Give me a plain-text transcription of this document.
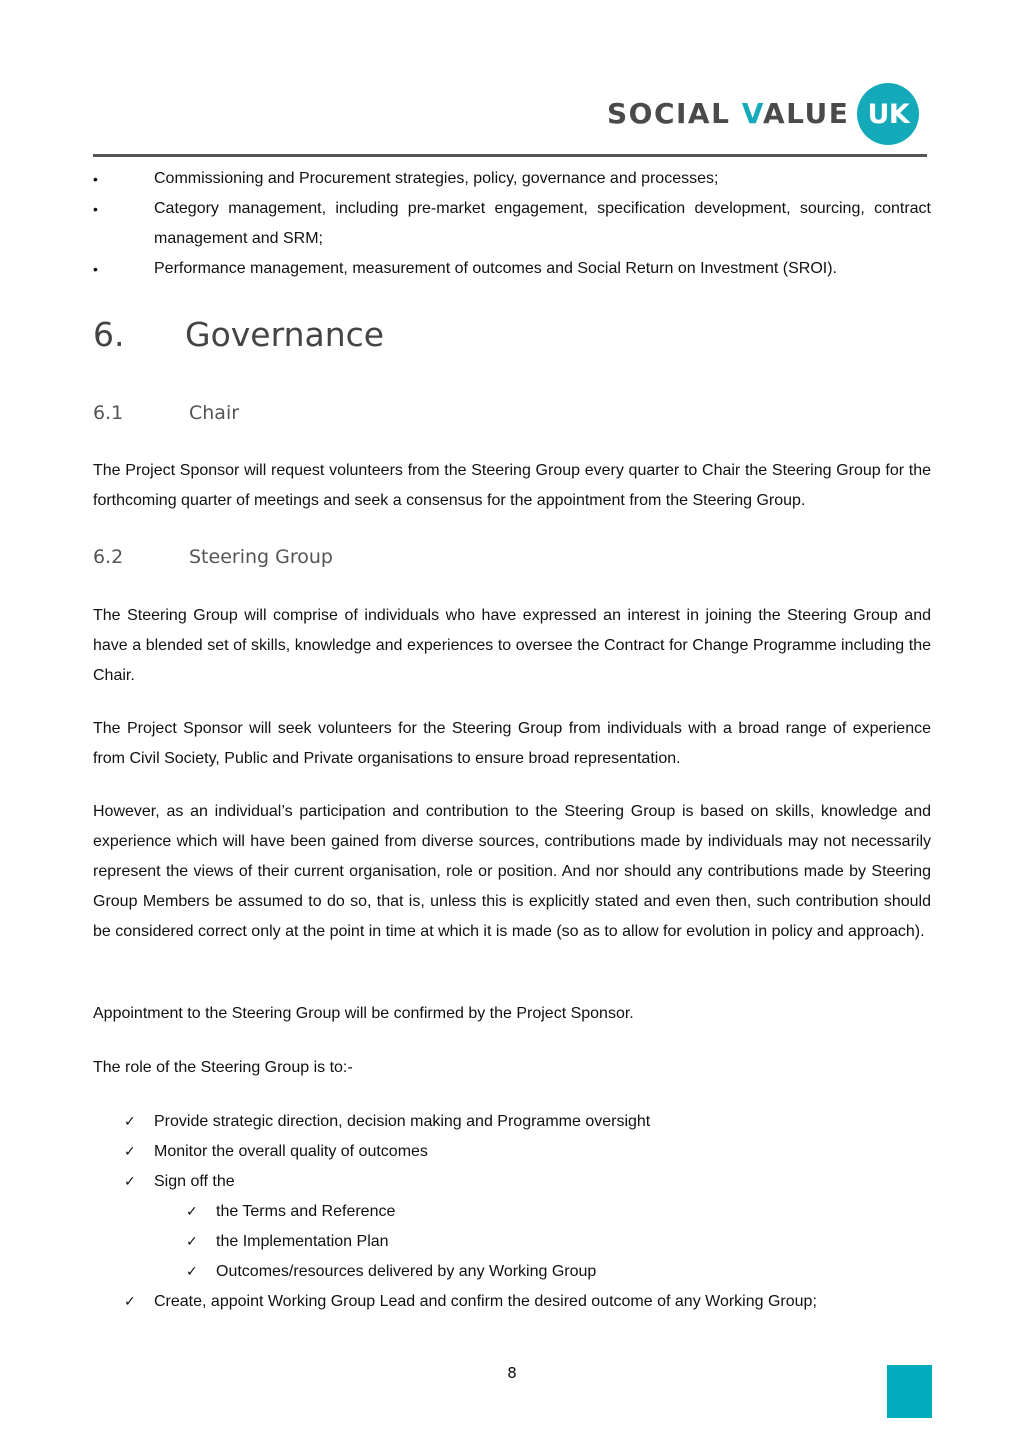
SOCIAL VALUE UK
•	Commissioning and Procurement strategies, policy, governance and processes;
•	Category management, including pre-market engagement, specification development, sourcing, contract management and SRM;
•	Performance management, measurement of outcomes and Social Return on Investment (SROI).
6. Governance
6.1	Chair

The Project Sponsor will request volunteers from the Steering Group every quarter to Chair the Steering Group for the forthcoming quarter of meetings and seek a consensus for the appointment from the Steering Group.

6.2	Steering Group

The Steering Group will comprise of individuals who have expressed an interest in joining the Steering Group and have a blended set of skills, knowledge and experiences to oversee the Contract for Change Programme including the Chair.

The Project Sponsor will seek volunteers for the Steering Group from individuals with a broad range of experience from Civil Society, Public and Private organisations to ensure broad representation.

However, as an individual’s participation and contribution to the Steering Group is based on skills, knowledge and experience which will have been gained from diverse sources, contributions made by individuals may not necessarily represent the views of their current organisation, role or position. And nor should any contributions made by Steering Group Members be assumed to do so, that is, unless this is explicitly stated and even then, such contribution should be considered correct only at the point in time at which it is made (so as to allow for evolution in policy and approach).

Appointment to the Steering Group will be confirmed by the Project Sponsor.

The role of the Steering Group is to:-

✓ Provide strategic direction, decision making and Programme oversight
✓ Monitor the overall quality of outcomes
✓ Sign off the
✓ the Terms and Reference
✓ the Implementation Plan
✓ Outcomes/resources delivered by any Working Group
✓ Create, appoint Working Group Lead and confirm the desired outcome of any Working Group;
8
